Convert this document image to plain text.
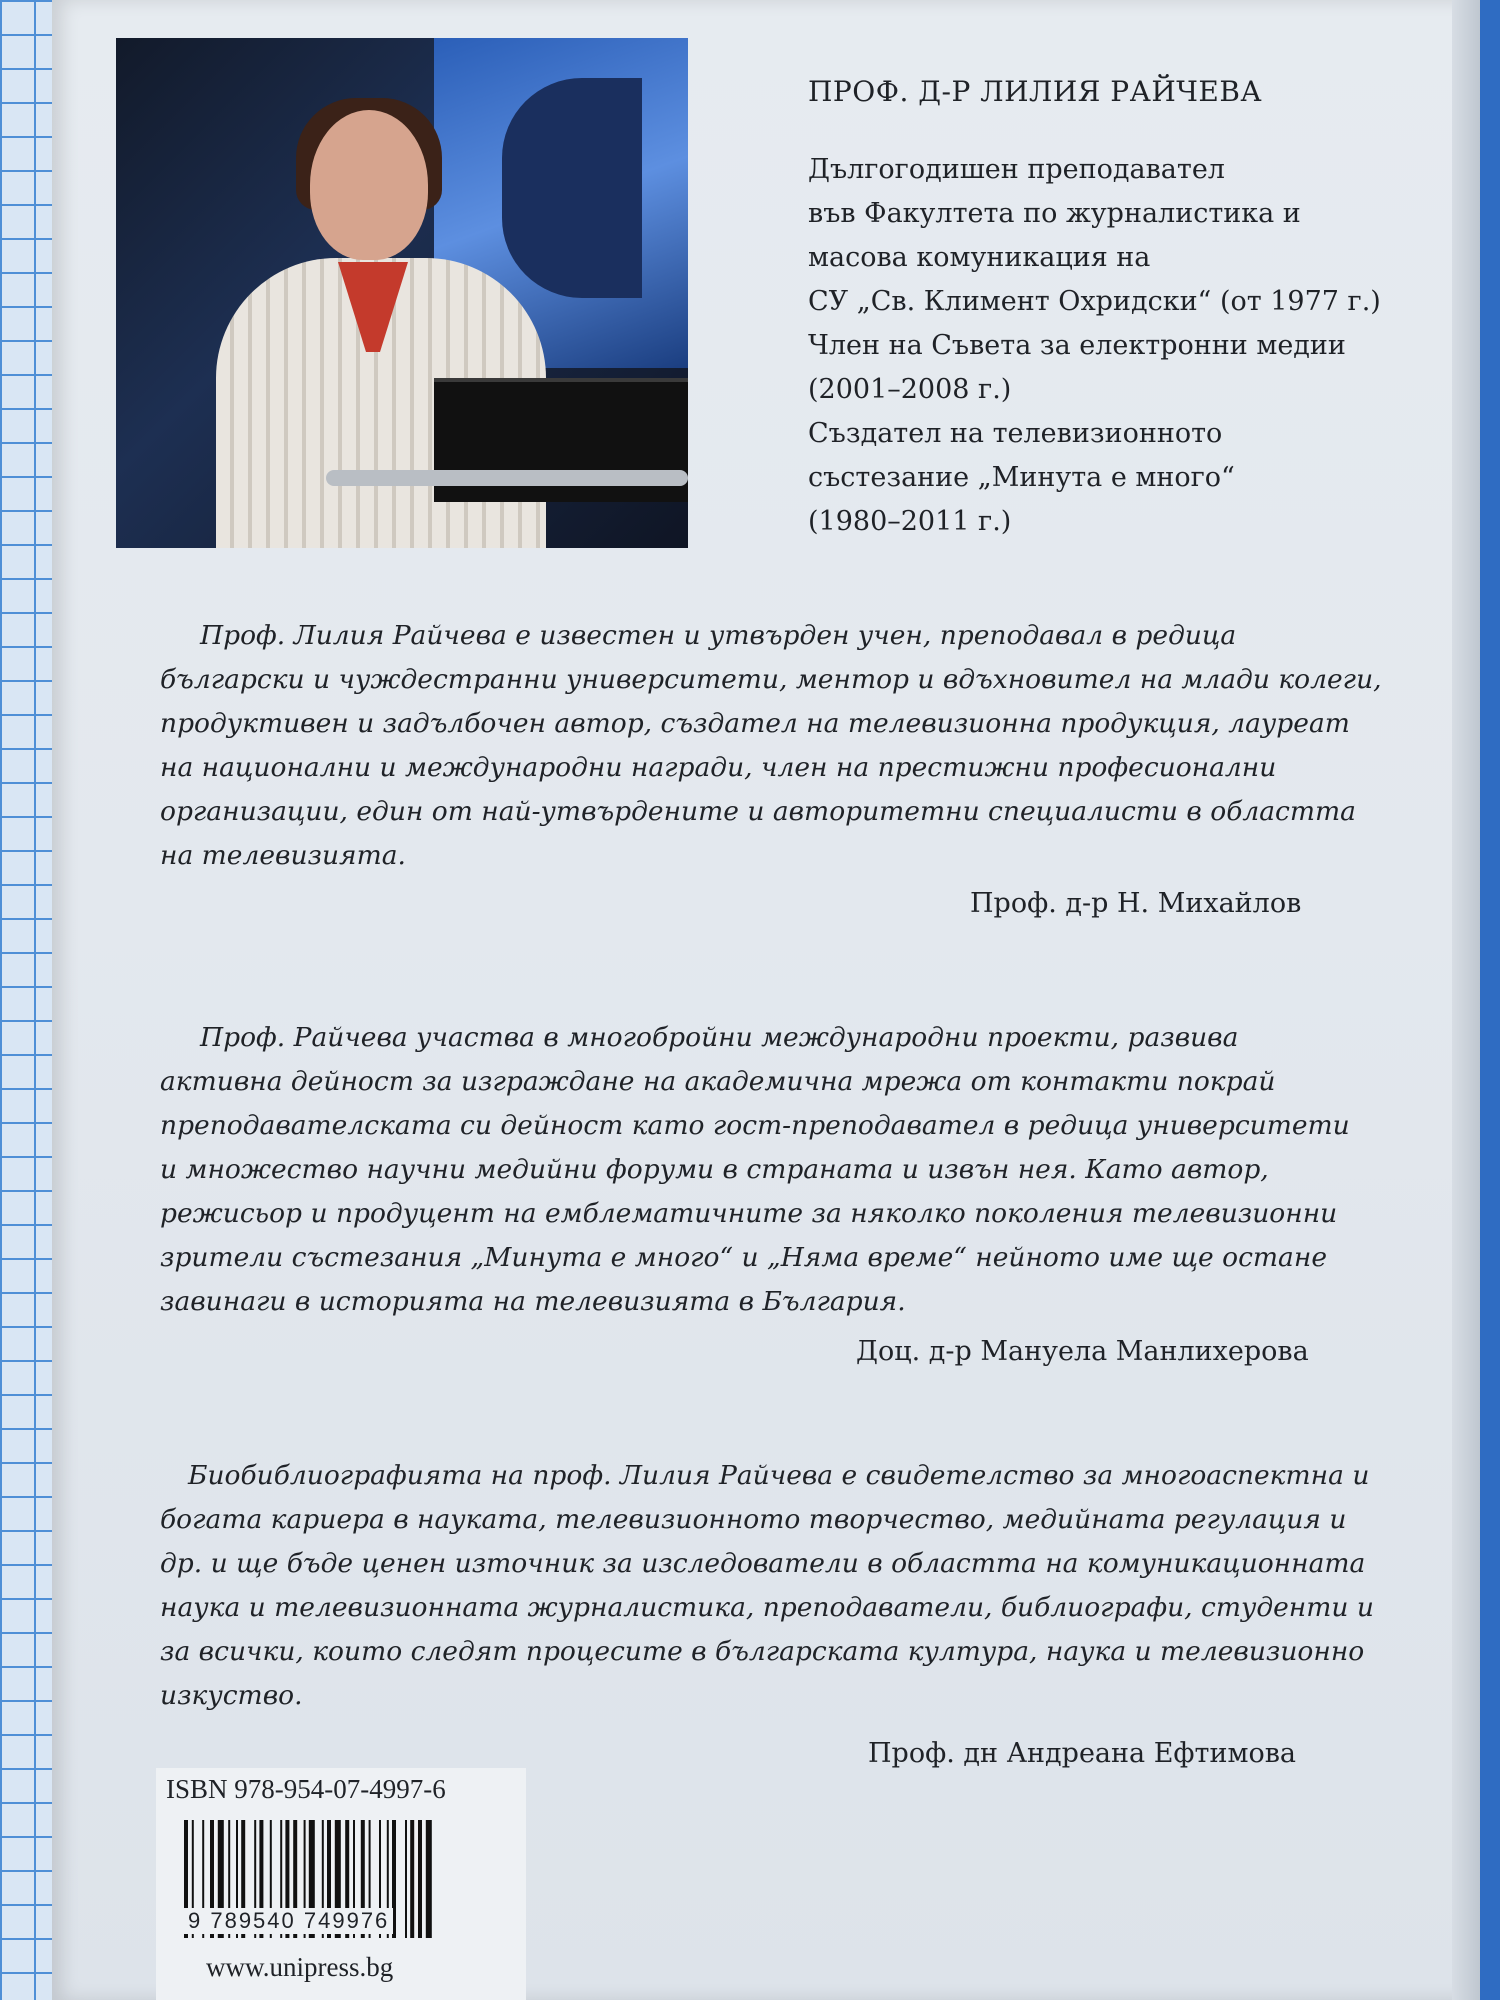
ПРОФ. Д-Р ЛИЛИЯ РАЙЧЕВА
Дългогодишен преподавател
във Факултета по журналистика и
масова комуникация на
СУ „Св. Климент Охридски“ (от 1977 г.)
Член на Съвета за електронни медии
(2001–2008 г.)
Създател на телевизионното
състезание „Минута е много“
(1980–2011 г.)
Проф. Лилия Райчева е известен и утвърден учен, преподавал в редица
български и чуждестранни университети, ментор и вдъхновител на млади колеги,
продуктивен и задълбочен автор, създател на телевизионна продукция, лауреат
на национални и международни награди, член на престижни професионални
организации, един от най-утвърдените и авторитетни специалисти в областта
на телевизията.
Проф. д-р Н. Михайлов
Проф. Райчева участва в многобройни международни проекти, развива
активна дейност за изграждане на академична мрежа от контакти покрай
преподавателската си дейност като гост-преподавател в редица университети
и множество научни медийни форуми в страната и извън нея. Като автор,
режисьор и продуцент на емблематичните за няколко поколения телевизионни
зрители състезания „Минута е много“ и „Няма време“ нейното име ще остане
завинаги в историята на телевизията в България.
Доц. д-р Мануела Манлихерова
Биобиблиографията на проф. Лилия Райчева е свидетелство за многоаспектна и
богата кариера в науката, телевизионното творчество, медийната регулация и
др. и ще бъде ценен източник за изследователи в областта на комуникационната
наука и телевизионната журналистика, преподаватели, библиографи, студенти и
за всички, които следят процесите в българската култура, наука и телевизионно
изкуство.
Проф. дн Андреана Ефтимова
ISBN 978-954-07-4997-6
9 789540 749976
www.unipress.bg
